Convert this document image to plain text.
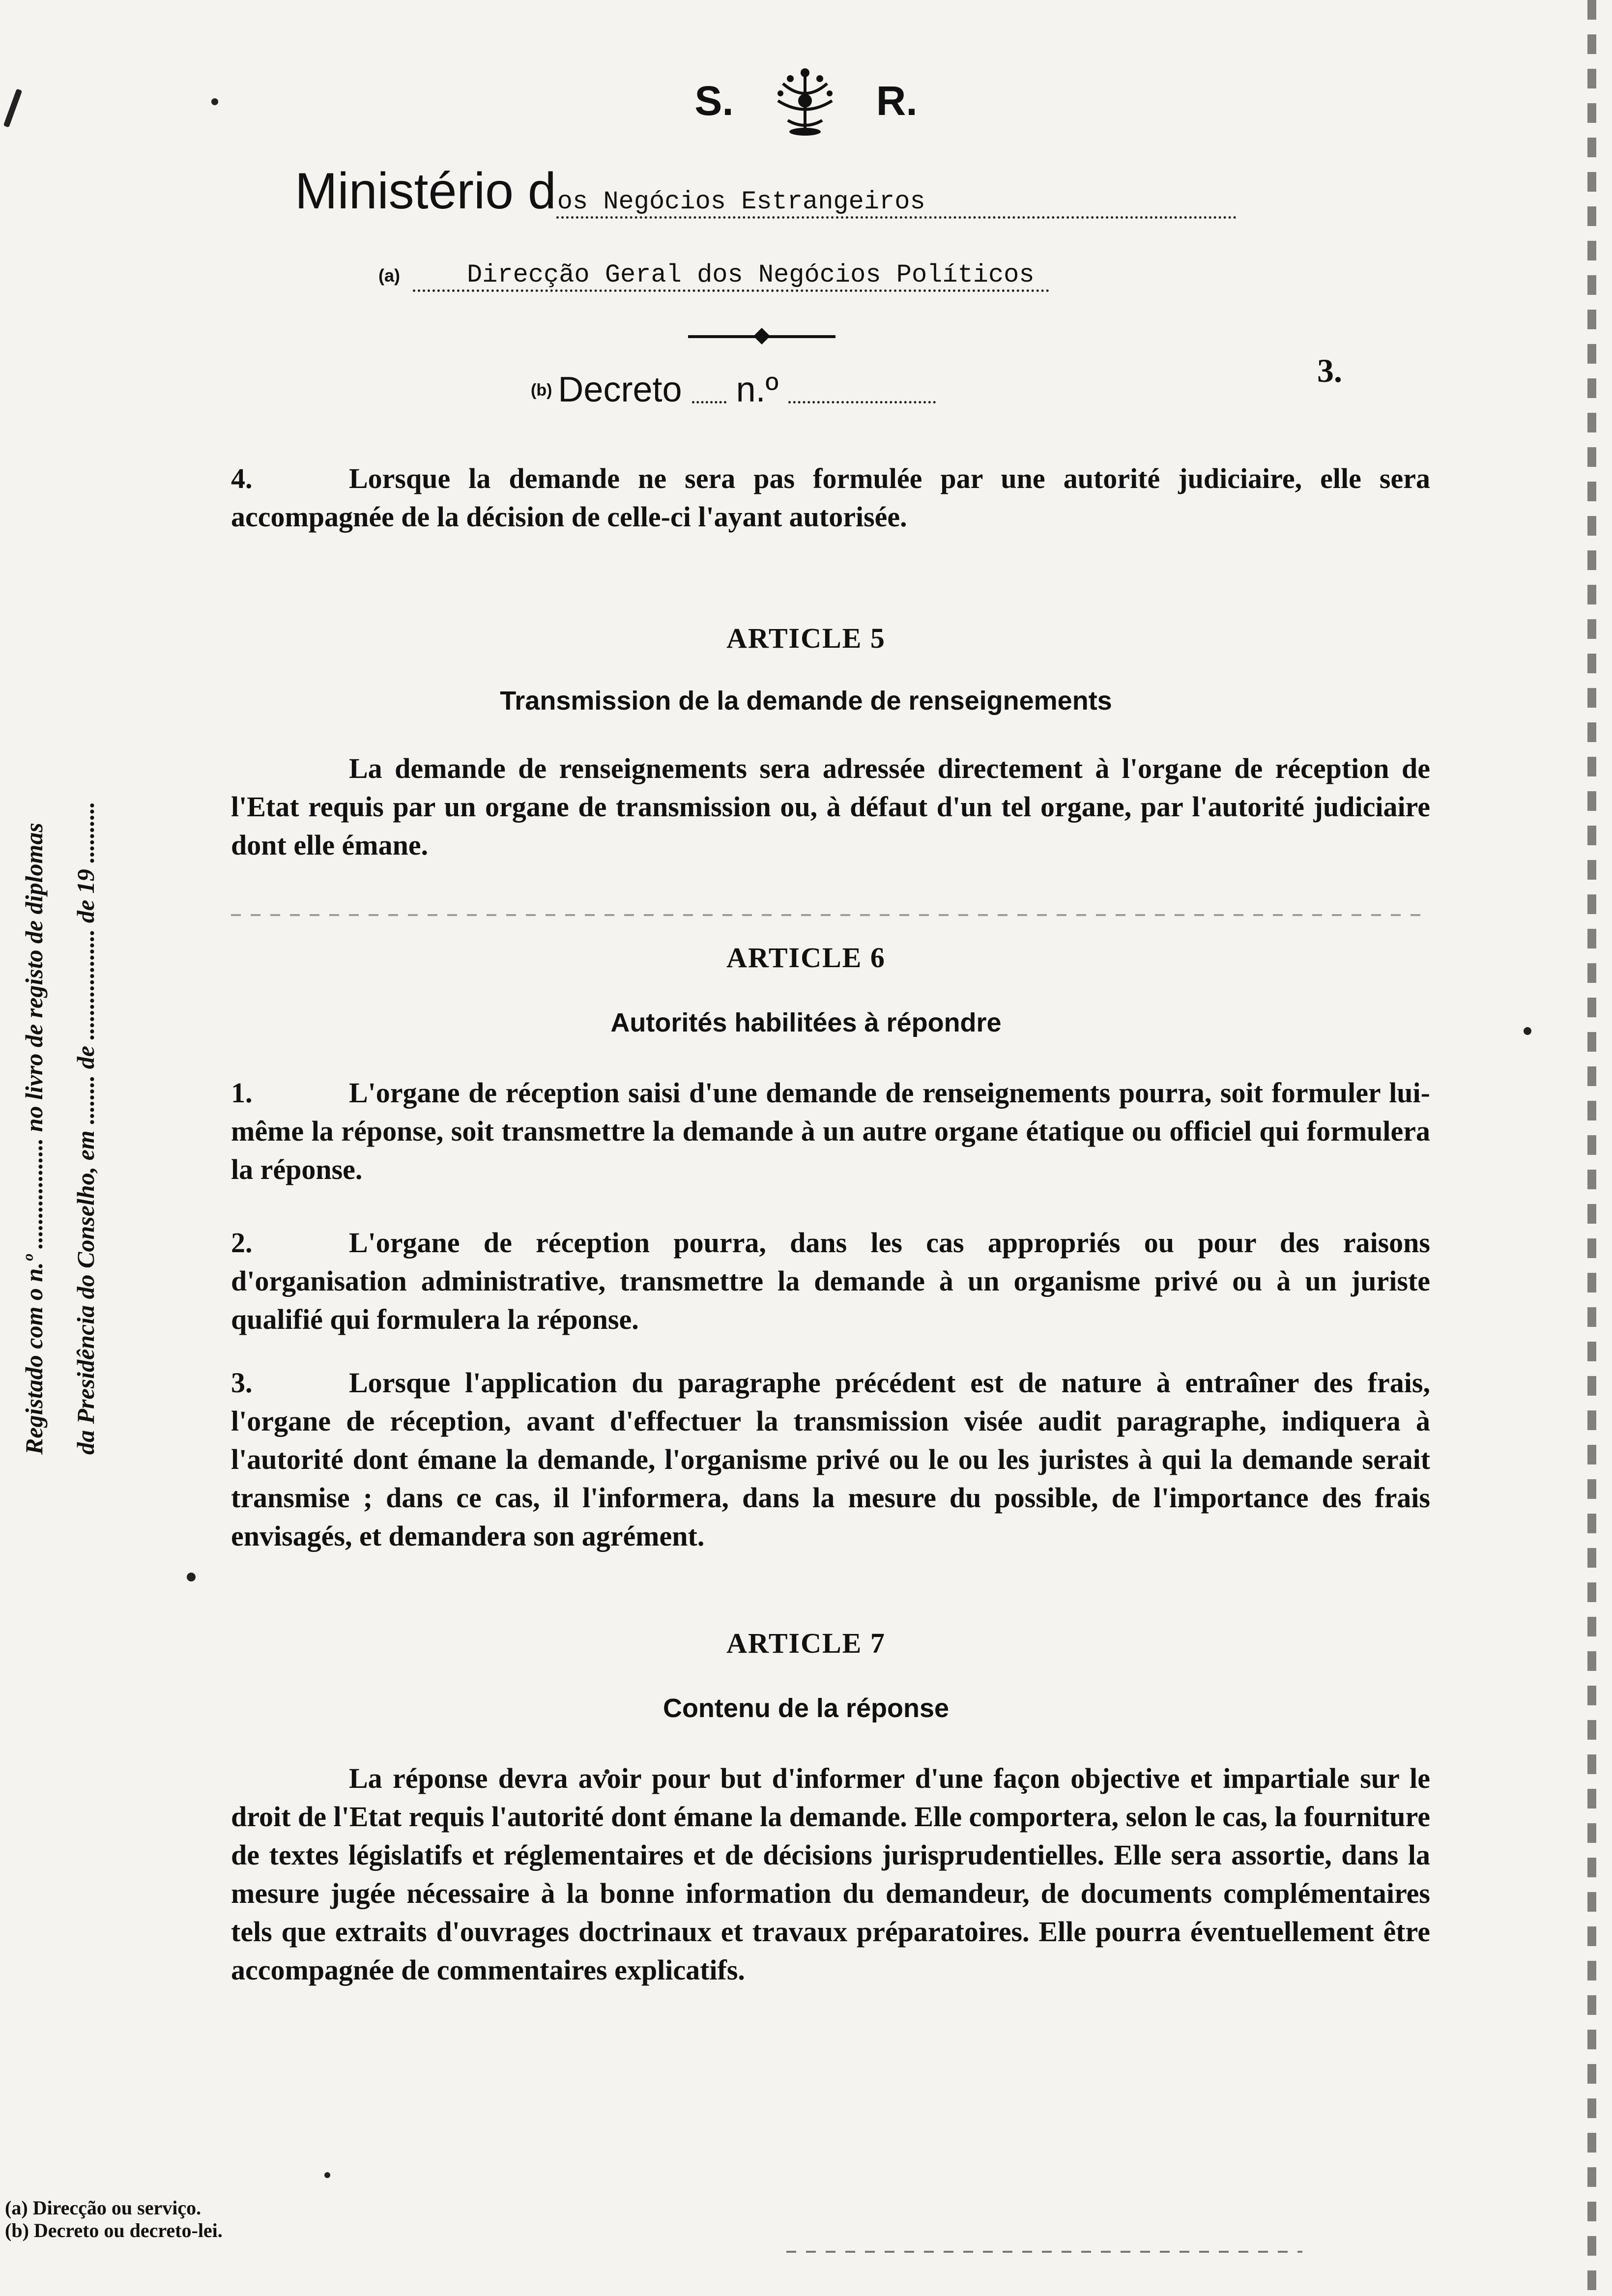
S.	R.
Ministério d os Negócios Estrangeiros
(a)	Direcção Geral dos Negócios Políticos
(b) Decreto n.º	3.
Registado com o n.º .................. no livro de registo de diplomas da Presidência do Conselho, em ........ de .................. de 19 ..........

4.	Lorsque la demande ne sera pas formulée par une autorité judiciaire, elle sera accompagnée de la décision de celle-ci l'ayant autorisée.

ARTICLE 5
Transmission de la demande de renseignements
La demande de renseignements sera adressée directement à l'organe de réception de l'Etat requis par un organe de transmission ou, à défaut d'un tel organe, par l'autorité judiciaire dont elle émane.
ARTICLE 6
Autorités habilitées à répondre

1.	L'organe de réception saisi d'une demande de renseignements pourra, soit formuler lui-même la réponse, soit transmettre la demande à un autre organe étatique ou officiel qui formulera la réponse.

2.	L'organe de réception pourra, dans les cas appropriés ou pour des raisons d'organisation administrative, transmettre la demande à un organisme privé ou à un juriste qualifié qui formulera la réponse.

3.	Lorsque l'application du paragraphe précédent est de nature à entraîner des frais, l'organe de réception, avant d'effectuer la transmission visée audit paragraphe, indiquera à l'autorité dont émane la demande, l'organisme privé ou le ou les juristes à qui la demande serait transmise ; dans ce cas, il l'informera, dans la mesure du possible, de l'importance des frais envisagés, et demandera son agrément.

ARTICLE 7
Contenu de la réponse
La réponse devra avoir pour but d'informer d'une façon objective et impartiale sur le droit de l'Etat requis l'autorité dont émane la demande. Elle comportera, selon le cas, la fourniture de textes législatifs et réglementaires et de décisions jurisprudentielles. Elle sera assortie, dans la mesure jugée nécessaire à la bonne information du demandeur, de documents complémentaires tels que extraits d'ouvrages doctrinaux et travaux préparatoires. Elle pourra éventuellement être accompagnée de commentaires explicatifs.
(a) Direcção ou serviço.
(b) Decreto ou decreto-lei.
